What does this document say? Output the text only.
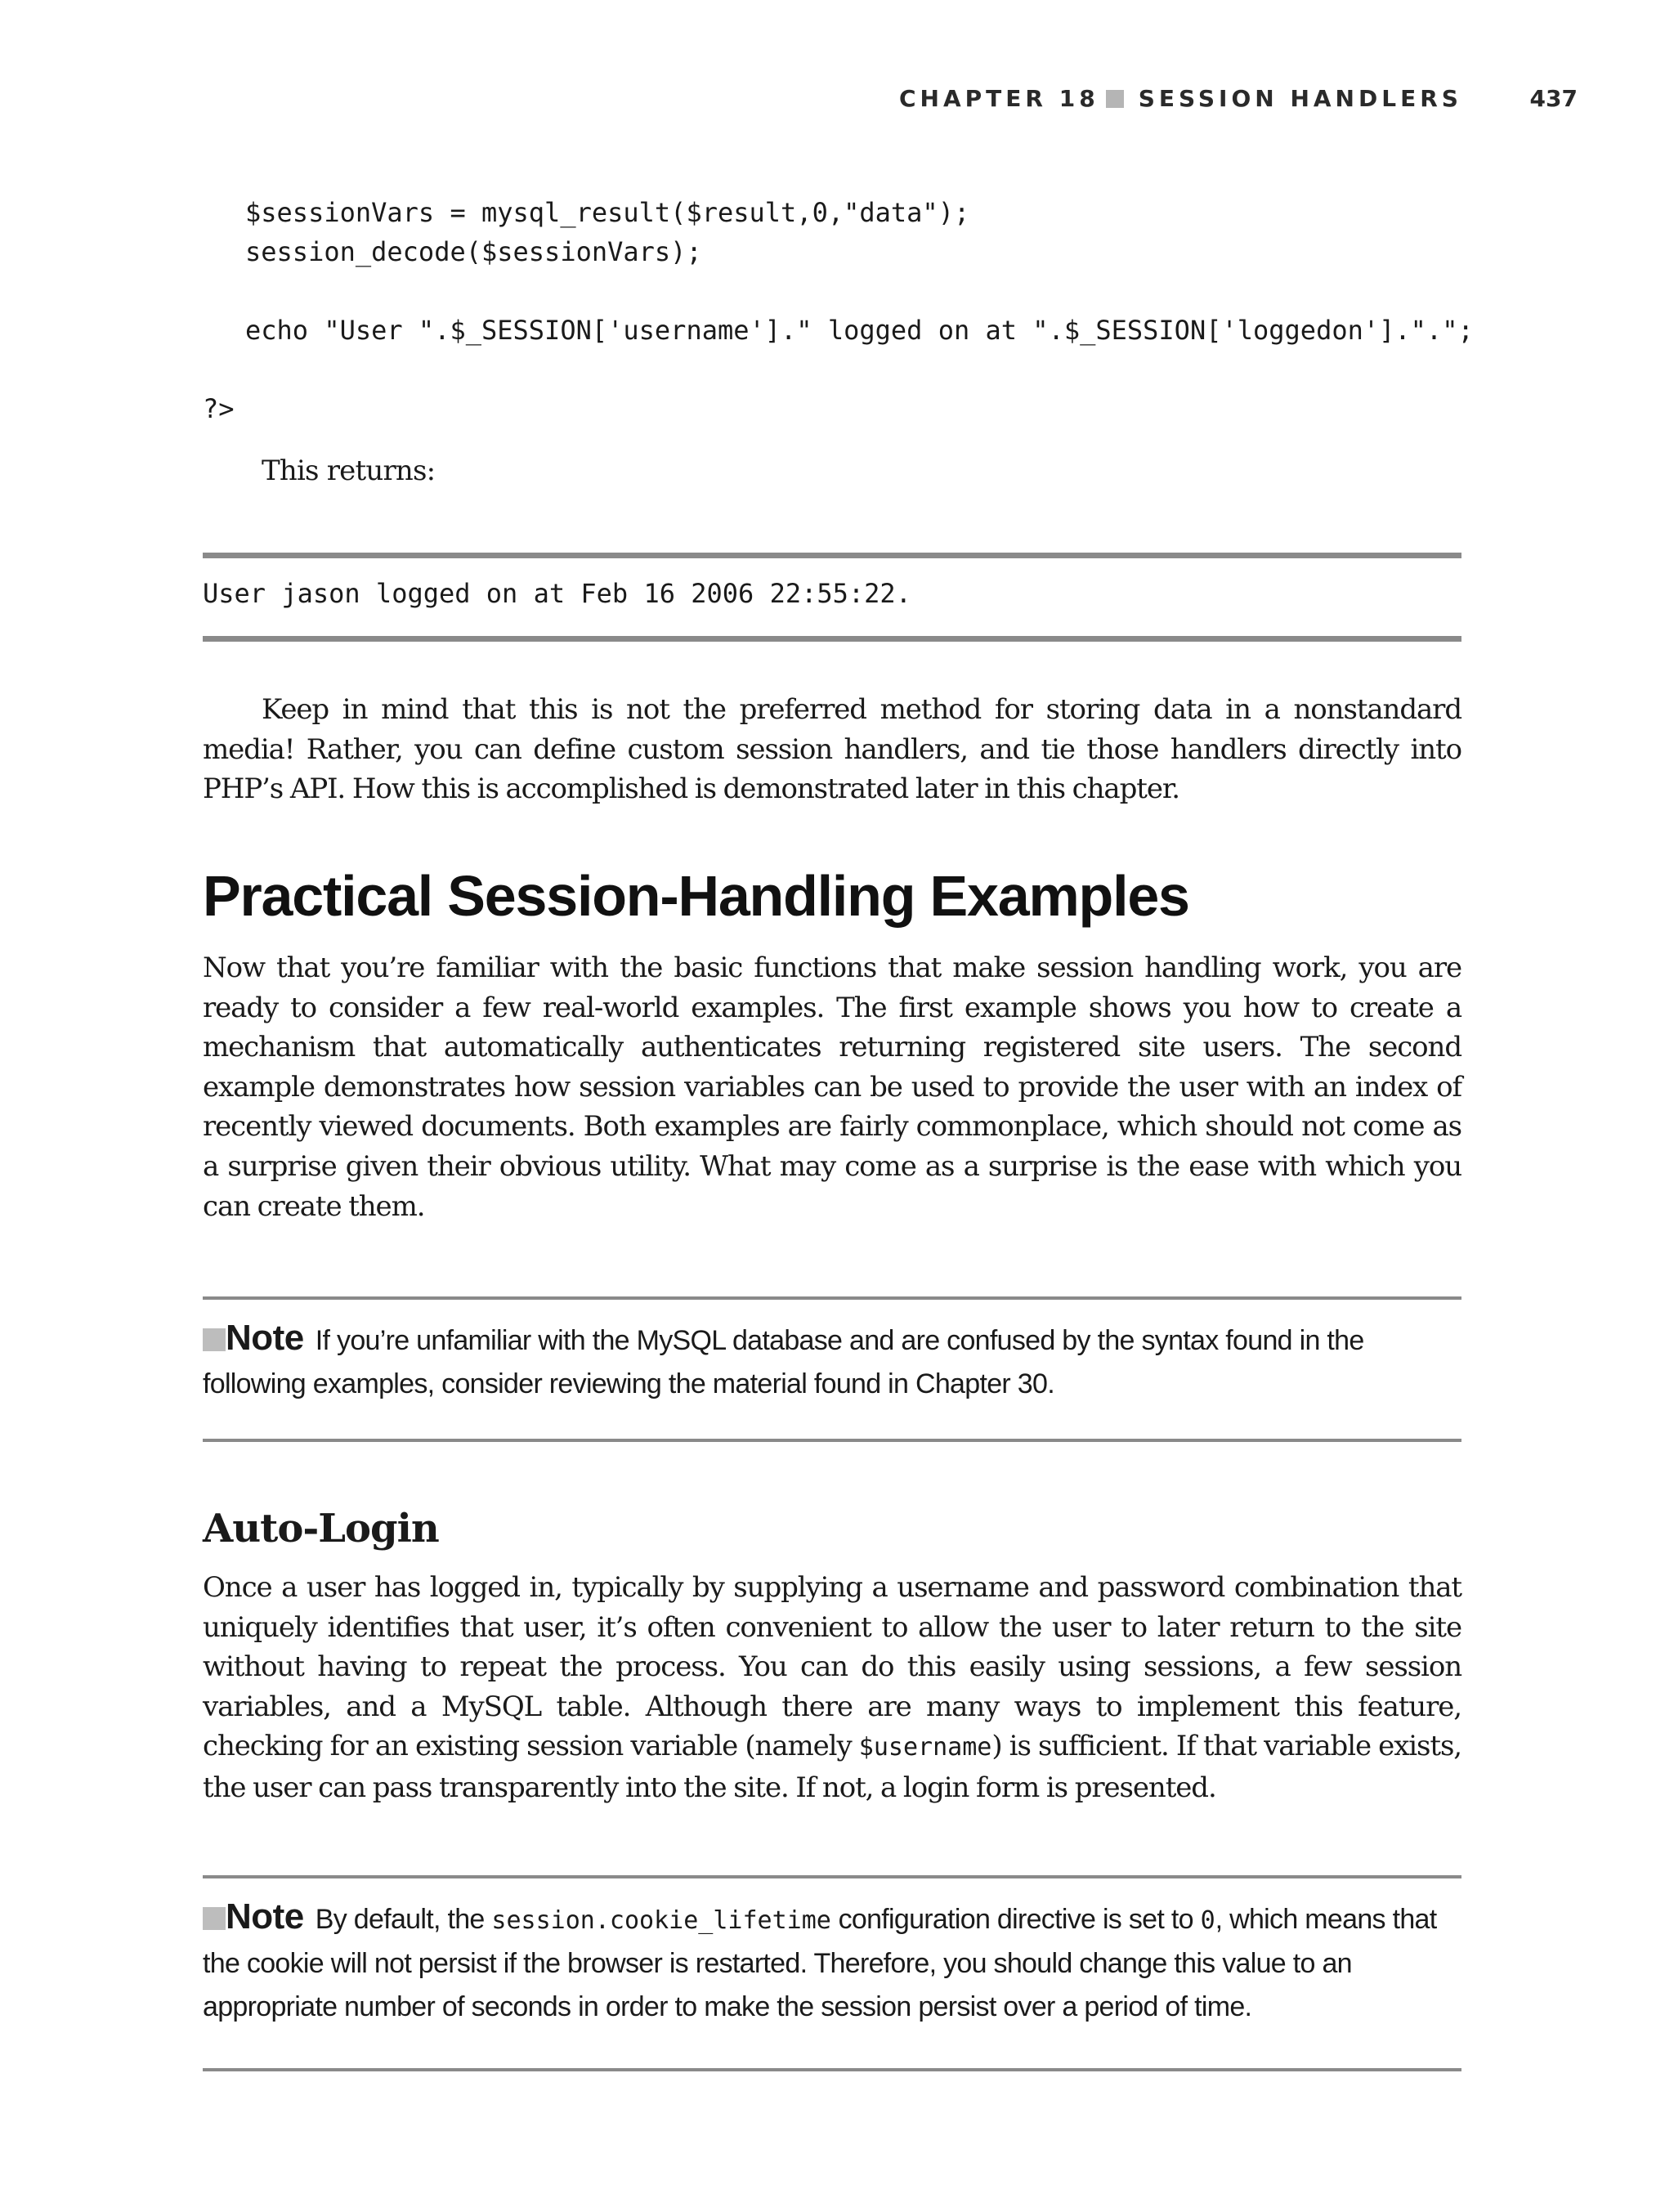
CHAPTER 18 SESSION HANDLERS	437
$sessionVars = mysql_result($result,0,"data");
session_decode($sessionVars);
echo "User ".$_SESSION['username']." logged on at ".$_SESSION['loggedon'].".";
?>
This returns:
User jason logged on at Feb 16 2006 22:55:22.
Keep in mind that this is not the preferred method for storing data in a nonstandard media! Rather, you can define custom session handlers, and tie those handlers directly into PHP’s API. How this is accomplished is demonstrated later in this chapter.
Practical Session-Handling Examples
Now that you’re familiar with the basic functions that make session handling work, you are ready to consider a few real-world examples. The first example shows you how to create a mechanism that automatically authenticates returning registered site users. The second example demonstrates how session variables can be used to provide the user with an index of recently viewed documents. Both examples are fairly commonplace, which should not come as a surprise given their obvious utility. What may come as a surprise is the ease with which you can create them.
Note If you’re unfamiliar with the MySQL database and are confused by the syntax found in the following examples, consider reviewing the material found in Chapter 30.
Auto-Login
Once a user has logged in, typically by supplying a username and password combination that uniquely identifies that user, it’s often convenient to allow the user to later return to the site without having to repeat the process. You can do this easily using sessions, a few session variables, and a MySQL table. Although there are many ways to implement this feature, checking for an existing session variable (namely $username) is sufficient. If that variable exists, the user can pass transparently into the site. If not, a login form is presented.
Note By default, the session.cookie_lifetime configuration directive is set to 0, which means that the cookie will not persist if the browser is restarted. Therefore, you should change this value to an appropriate number of seconds in order to make the session persist over a period of time.
